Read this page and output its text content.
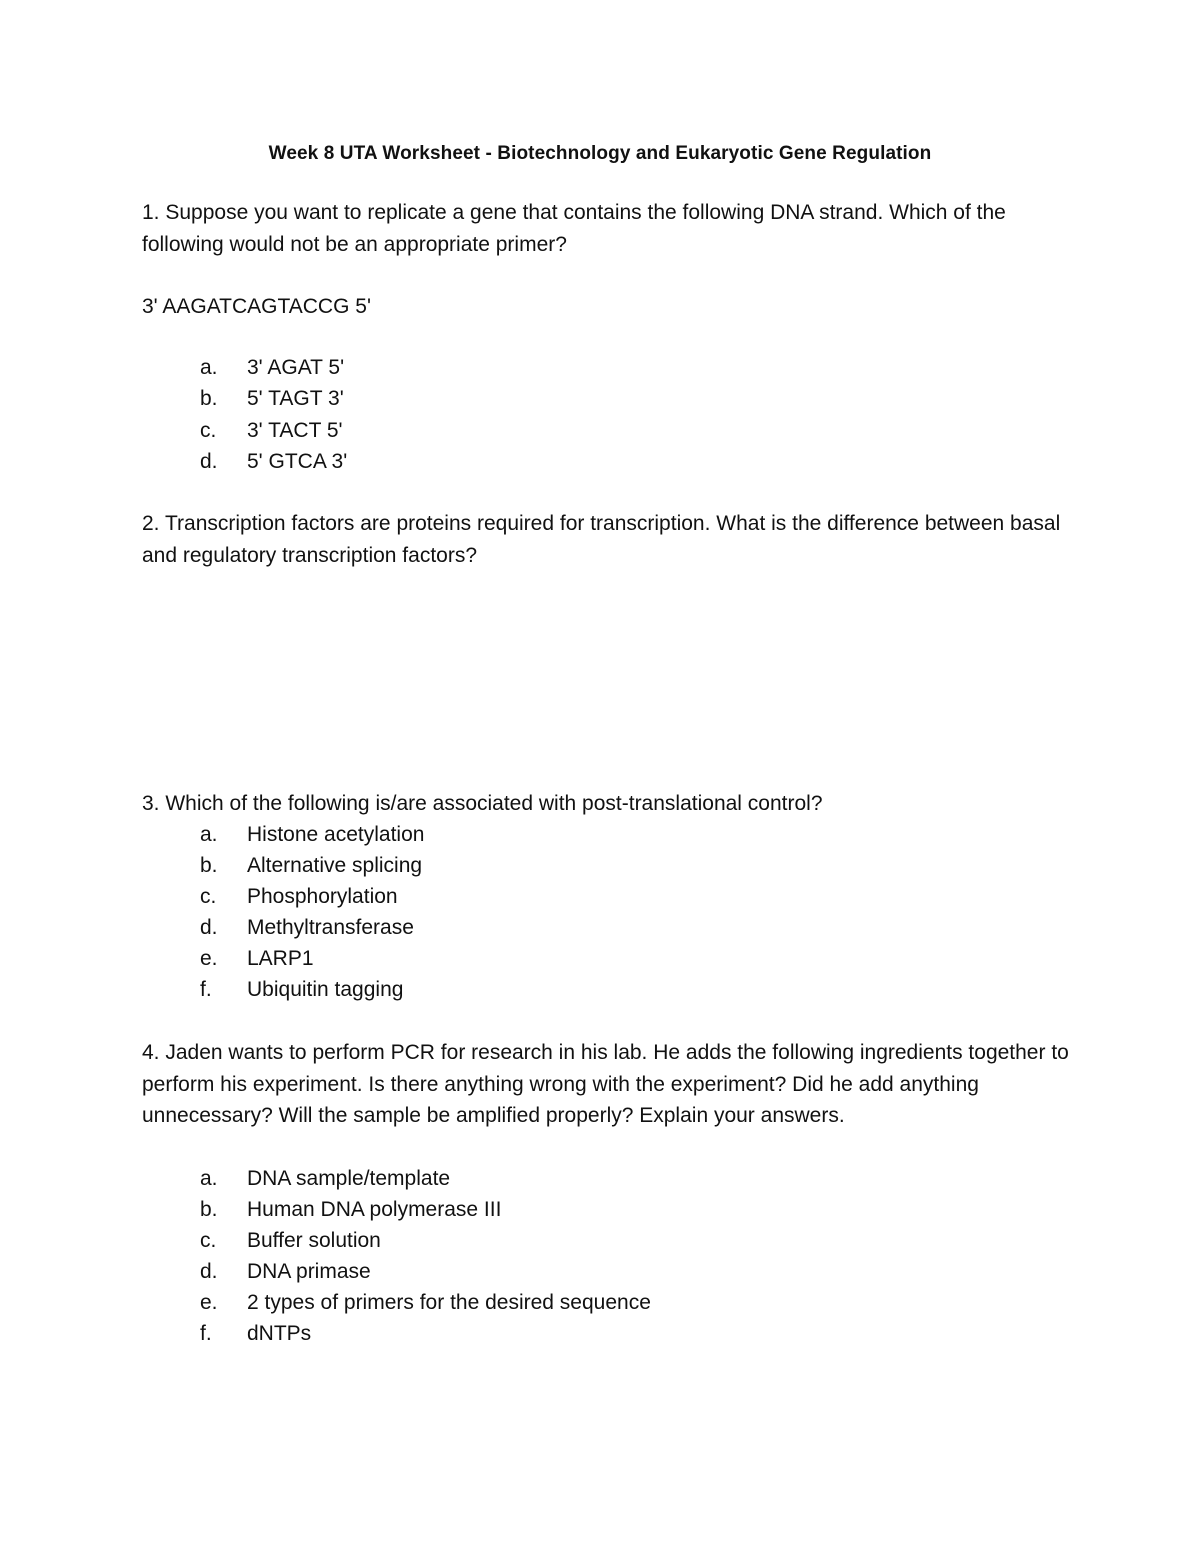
Week 8 UTA Worksheet - Biotechnology and Eukaryotic Gene Regulation
1. Suppose you want to replicate a gene that contains the following DNA strand. Which of the following would not be an appropriate primer?
3' AAGATCAGTACCG 5'
a.	3' AGAT 5'
b.	5' TAGT 3'
c.	3' TACT 5'
d.	5' GTCA 3'
2. Transcription factors are proteins required for transcription. What is the difference between basal and regulatory transcription factors?
3. Which of the following is/are associated with post-translational control?
a.	Histone acetylation
b.	Alternative splicing
c.	Phosphorylation
d.	Methyltransferase
e.	LARP1
f.	Ubiquitin tagging
4. Jaden wants to perform PCR for research in his lab. He adds the following ingredients together to perform his experiment. Is there anything wrong with the experiment? Did he add anything unnecessary? Will the sample be amplified properly? Explain your answers.
a.	DNA sample/template
b.	Human DNA polymerase III
c.	Buffer solution
d.	DNA primase
e.	2 types of primers for the desired sequence
f.	dNTPs
